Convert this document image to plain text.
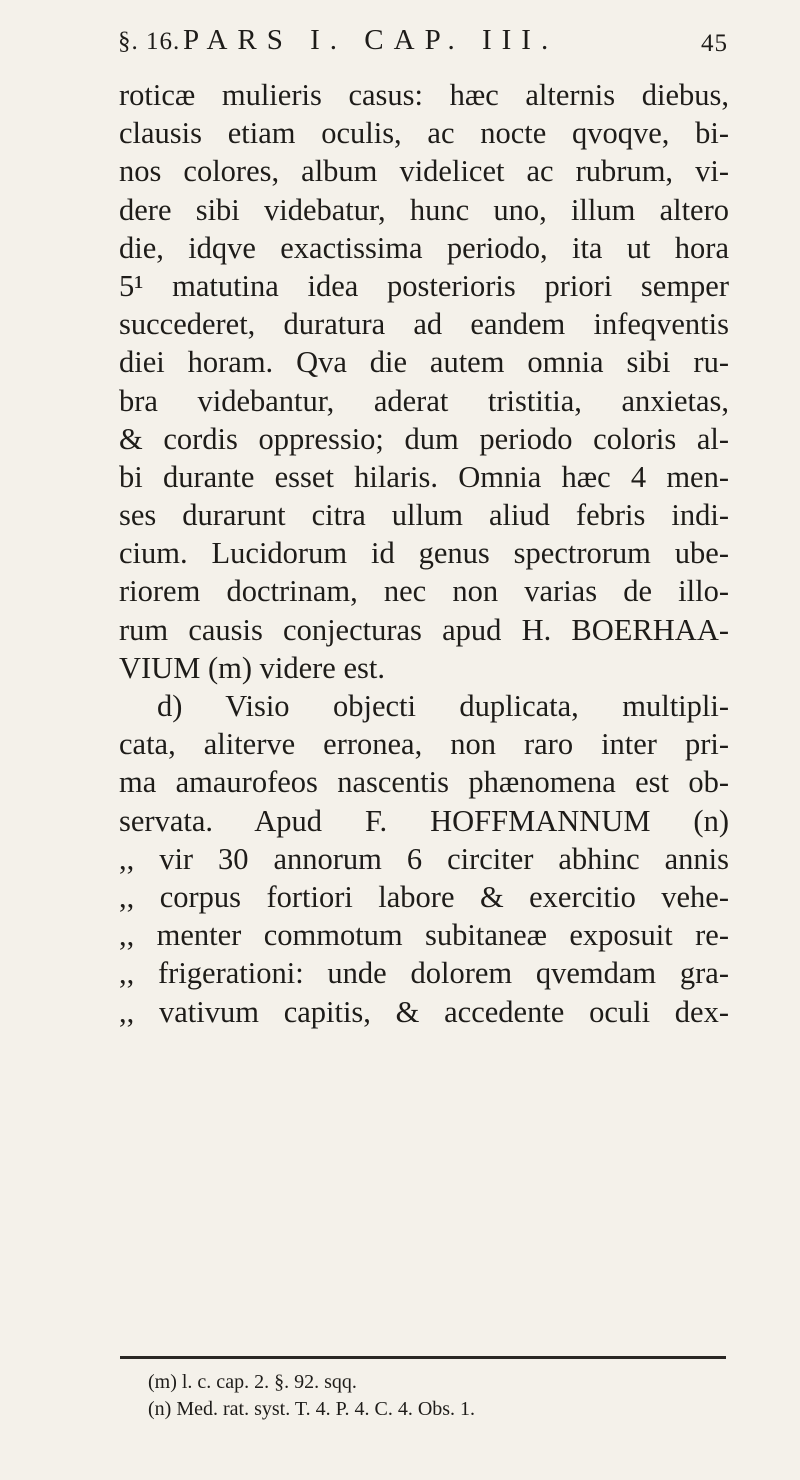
§. 16. PARS I. CAP. III.	45
roticæ mulieris casus: hæc alternis diebus,
clausis etiam oculis, ac nocte qvoqve, bi-
nos colores, album videlicet ac rubrum, vi-
dere sibi videbatur, hunc uno, illum altero
die, idqve exactissima periodo, ita ut hora
5¹ matutina idea posterioris priori semper
succederet, duratura ad eandem infeqventis
diei horam. Qva die autem omnia sibi ru-
bra videbantur, aderat tristitia, anxietas,
& cordis oppressio; dum periodo coloris al-
bi durante esset hilaris. Omnia hæc 4 men-
ses durarunt citra ullum aliud febris indi-
cium. Lucidorum id genus spectrorum ube-
riorem doctrinam, nec non varias de illo-
rum causis conjecturas apud H. BOERHAA-
VIUM (m) videre est.
d) Visio objecti duplicata, multipli-
cata, aliterve erronea, non raro inter pri-
ma amaurofeos nascentis phænomena est ob-
servata. Apud F. HOFFMANNUM (n)
,, vir 30 annorum 6 circiter abhinc annis
,, corpus fortiori labore & exercitio vehe-
,, menter commotum subitaneæ exposuit re-
,, frigerationi: unde dolorem qvemdam gra-
,, vativum capitis, & accedente oculi dex-
(m) l. c. cap. 2. §. 92. sqq.
(n) Med. rat. syst. T. 4. P. 4. C. 4. Obs. 1.
